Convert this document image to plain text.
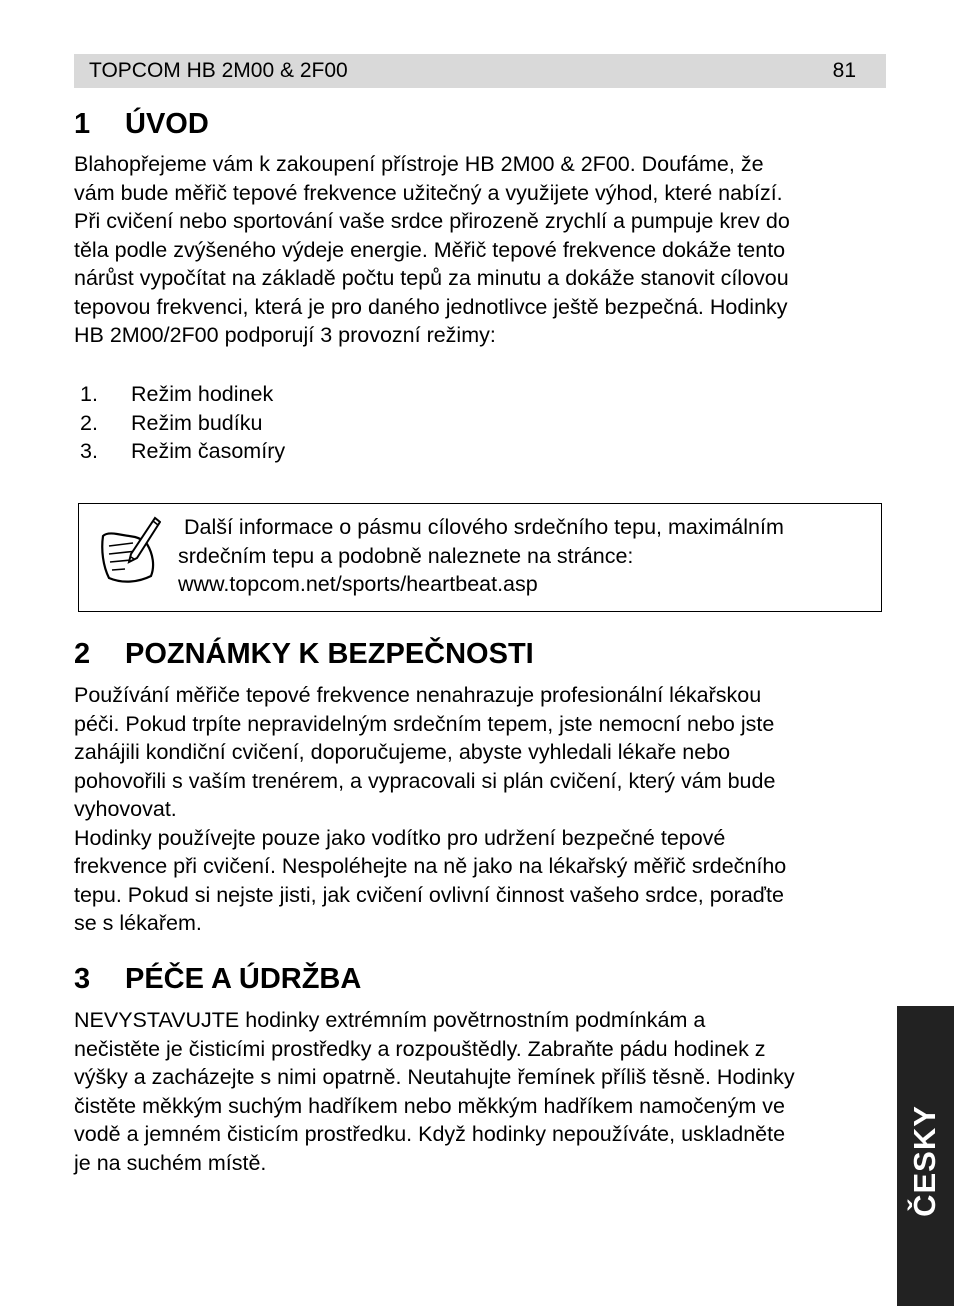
TOPCOM HB 2M00 & 2F00	81
1 ÚVOD

Blahopřejeme vám k zakoupení přístroje HB 2M00 & 2F00. Doufáme, že

vám bude měřič tepové frekvence užitečný a využijete výhod, které nabízí.

Při cvičení nebo sportování vaše srdce přirozeně zrychlí a pumpuje krev do

těla podle zvýšeného výdeje energie. Měřič tepové frekvence dokáže tento

nárůst vypočítat na základě počtu tepů za minutu a dokáže stanovit cílovou

tepovou frekvenci, která je pro daného jednotlivce ještě bezpečná. Hodinky

HB 2M00/2F00 podporují 3 provozní režimy:

1.	Režim hodinek
2.	Režim budíku
3.	Režim časomíry
Další informace o pásmu cílového srdečního tepu, maximálním
srdečním tepu a podobně naleznete na stránce:
www.topcom.net/sports/heartbeat.asp
2 POZNÁMKY K BEZPEČNOSTI

Používání měřiče tepové frekvence nenahrazuje profesionální lékařskou

péči. Pokud trpíte nepravidelným srdečním tepem, jste nemocní nebo jste

zahájili kondiční cvičení, doporučujeme, abyste vyhledali lékaře nebo

pohovořili s vaším trenérem, a vypracovali si plán cvičení, který vám bude

vyhovovat.

Hodinky používejte pouze jako vodítko pro udržení bezpečné tepové

frekvence při cvičení. Nespoléhejte na ně jako na lékařský měřič srdečního

tepu. Pokud si nejste jisti, jak cvičení ovlivní činnost vašeho srdce, poraďte

se s lékařem.

3 PÉČE A ÚDRŽBA

NEVYSTAVUJTE hodinky extrémním povětrnostním podmínkám a

nečistěte je čisticími prostředky a rozpouštědly. Zabraňte pádu hodinek z

výšky a zacházejte s nimi opatrně. Neutahujte řemínek příliš těsně. Hodinky

čistěte měkkým suchým hadříkem nebo měkkým hadříkem namočeným ve

vodě a jemném čisticím prostředku. Když hodinky nepoužíváte, uskladněte

je na suchém místě.	ČESKY
